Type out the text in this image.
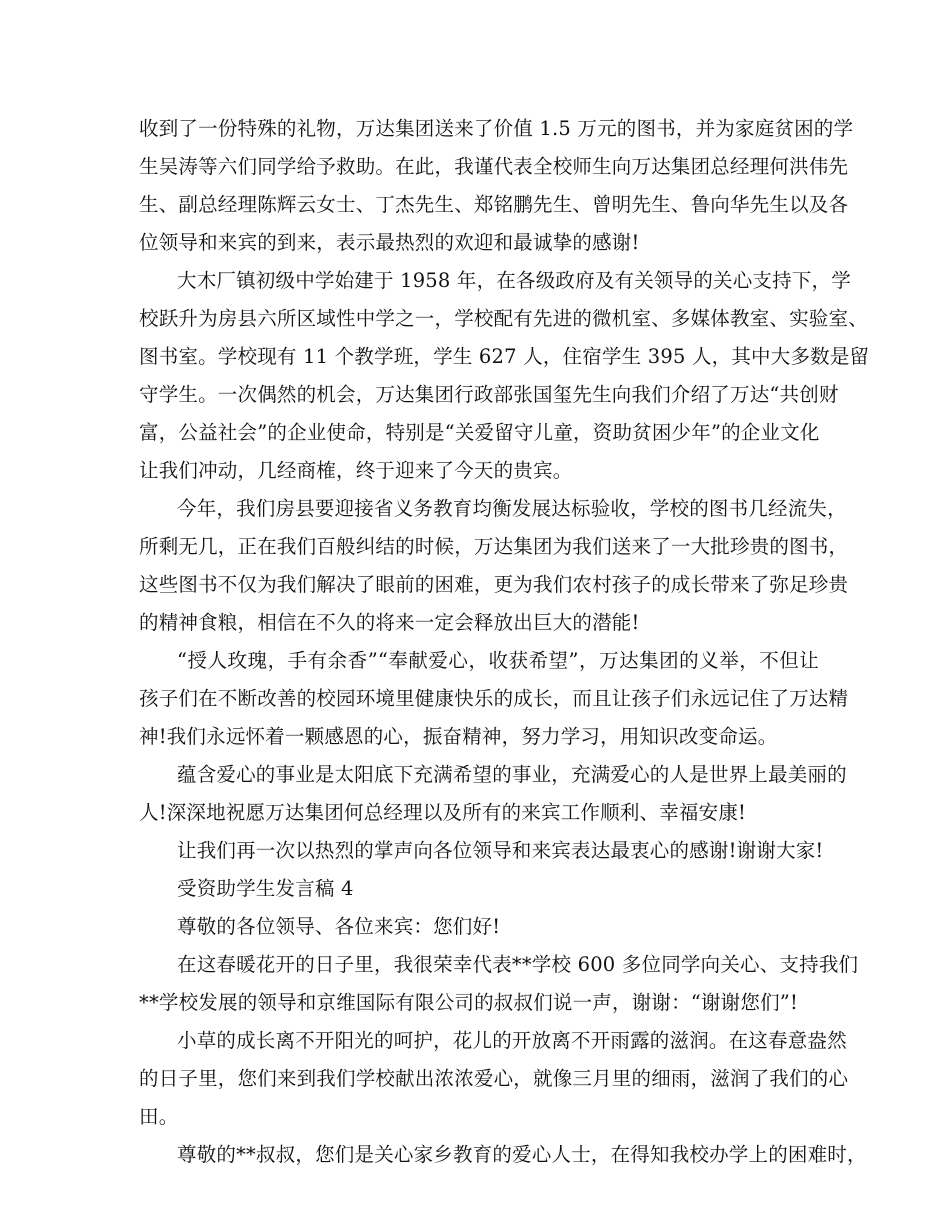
收到了一份特殊的礼物，万达集团送来了价值 1.5 万元的图书，并为家庭贫困的学
生吴涛等六们同学给予救助。在此，我谨代表全校师生向万达集团总经理何洪伟先
生、副总经理陈辉云女士、丁杰先生、郑铭鹏先生、曾明先生、鲁向华先生以及各
位领导和来宾的到来，表示最热烈的欢迎和最诚挚的感谢!
大木厂镇初级中学始建于 1958 年，在各级政府及有关领导的关心支持下，学
校跃升为房县六所区域性中学之一，学校配有先进的微机室、多媒体教室、实验室、
图书室。学校现有 11 个教学班，学生 627 人，住宿学生 395 人，其中大多数是留
守学生。一次偶然的机会，万达集团行政部张国玺先生向我们介绍了万达“共创财
富，公益社会”的企业使命，特别是“关爱留守儿童，资助贫困少年”的企业文化
让我们冲动，几经商榷，终于迎来了今天的贵宾。
今年，我们房县要迎接省义务教育均衡发展达标验收，学校的图书几经流失，
所剩无几，正在我们百般纠结的时候，万达集团为我们送来了一大批珍贵的图书，
这些图书不仅为我们解决了眼前的困难，更为我们农村孩子的成长带来了弥足珍贵
的精神食粮，相信在不久的将来一定会释放出巨大的潜能!
“授人玫瑰，手有余香”“奉献爱心，收获希望”，万达集团的义举，不但让
孩子们在不断改善的校园环境里健康快乐的成长，而且让孩子们永远记住了万达精
神!我们永远怀着一颗感恩的心，振奋精神，努力学习，用知识改变命运。
蕴含爱心的事业是太阳底下充满希望的事业，充满爱心的人是世界上最美丽的
人!深深地祝愿万达集团何总经理以及所有的来宾工作顺利、幸福安康!
让我们再一次以热烈的掌声向各位领导和来宾表达最衷心的感谢!谢谢大家!
受资助学生发言稿 4
尊敬的各位领导、各位来宾：您们好!
在这春暖花开的日子里，我很荣幸代表**学校 600 多位同学向关心、支持我们
**学校发展的领导和京维国际有限公司的叔叔们说一声，谢谢：“谢谢您们”!
小草的成长离不开阳光的呵护，花儿的开放离不开雨露的滋润。在这春意盎然
的日子里，您们来到我们学校献出浓浓爱心，就像三月里的细雨，滋润了我们的心
田。
尊敬的**叔叔，您们是关心家乡教育的爱心人士，在得知我校办学上的困难时，
